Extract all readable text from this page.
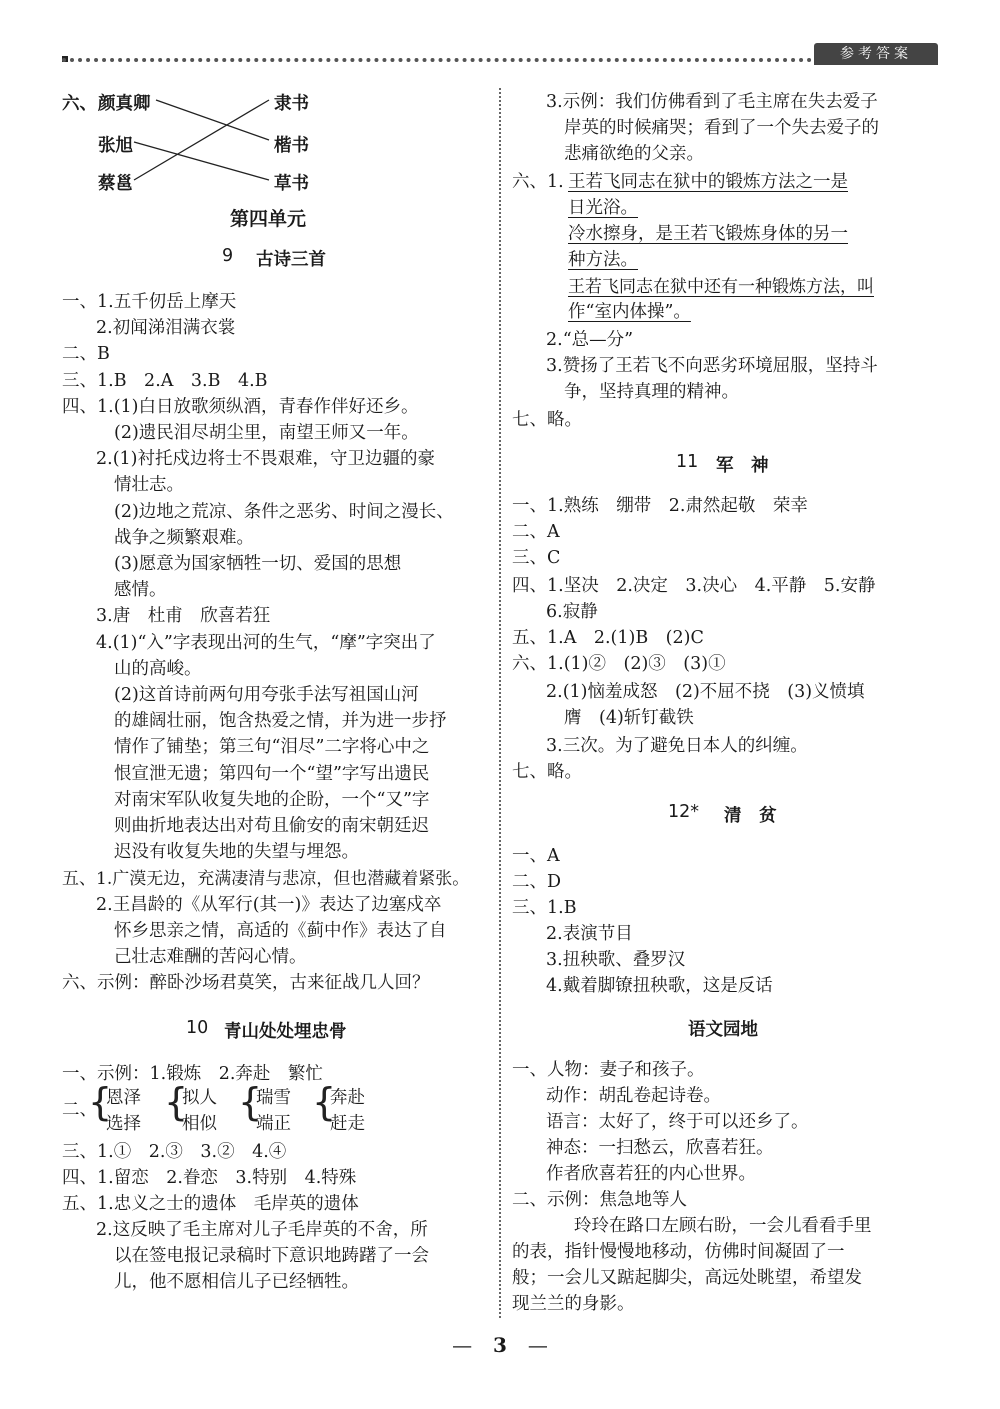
参考答案
六、 颜真卿
张旭
蔡邕
隶书
楷书
草书
第四单元
9 古诗三首
一、1.五千仞岳上摩天
2.初闻涕泪满衣裳
二、B
三、1.B　2.A　3.B　4.B
四、1.(1)白日放歌须纵酒，青春作伴好还乡。
(2)遗民泪尽胡尘里，南望王师又一年。
2.(1)衬托戍边将士不畏艰难，守卫边疆的豪
情壮志。
(2)边地之荒凉、条件之恶劣、时间之漫长、
战争之频繁艰难。
(3)愿意为国家牺牲一切、爱国的思想
感情。
3.唐　杜甫　欣喜若狂
4.(1)“入”字表现出河的生气，“摩”字突出了
山的高峻。
(2)这首诗前两句用夸张手法写祖国山河
的雄阔壮丽，饱含热爱之情，并为进一步抒
情作了铺垫；第三句“泪尽”二字将心中之
恨宣泄无遗；第四句一个“望”字写出遗民
对南宋军队收复失地的企盼，一个“又”字
则曲折地表达出对苟且偷安的南宋朝廷迟
迟没有收复失地的失望与埋怨。
五、1.广漠无边，充满凄清与悲凉，但也潜藏着紧张。
2.王昌龄的《从军行(其一)》表达了边塞戍卒
怀乡思亲之情，高适的《蓟中作》表达了自
己壮志难酬的苦闷心情。
六、示例：醉卧沙场君莫笑，古来征战几人回？
10 青山处处埋忠骨
一、示例：1.锻炼　2.奔赴　繁忙
二、
{
恩泽
选择 {
拟人
相似 {
瑞雪
端正 {
奔赴
赶走
三、1.①　2.③　3.②　4.④
四、1.留恋　2.眷恋　3.特别　4.特殊
五、1.忠义之士的遗体　毛岸英的遗体
2.这反映了毛主席对儿子毛岸英的不舍，所
以在签电报记录稿时下意识地踌躇了一会
儿，他不愿相信儿子已经牺牲。
3.示例：我们仿佛看到了毛主席在失去爱子
岸英的时候痛哭；看到了一个失去爱子的
悲痛欲绝的父亲。
六、1. 王若飞同志在狱中的锻炼方法之一是
日光浴。
冷水擦身，是王若飞锻炼身体的另一
种方法。
王若飞同志在狱中还有一种锻炼方法，叫
作“室内体操”。
2.“总—分”
3.赞扬了王若飞不向恶劣环境屈服，坚持斗
争，坚持真理的精神。
七、略。
11 军　神
一、1.熟练　绷带　2.肃然起敬　荣幸
二、A
三、C
四、1.坚决　2.决定　3.决心　4.平静　5.安静
6.寂静
五、1.A　2.(1)B　(2)C
六、1.(1)②　(2)③　(3)①
2.(1)恼羞成怒　(2)不屈不挠　(3)义愤填
膺　(4)斩钉截铁
3.三次。为了避免日本人的纠缠。
七、略。
12* 清　贫
一、A
二、D
三、1.B
2.表演节目
3.扭秧歌、叠罗汉
4.戴着脚镣扭秧歌，这是反话
语文园地
一、人物：妻子和孩子。
动作：胡乱卷起诗卷。
语言：太好了，终于可以还乡了。
神态：一扫愁云，欣喜若狂。
作者欣喜若狂的内心世界。
二、示例：焦急地等人
玲玲在路口左顾右盼，一会儿看看手里
的表，指针慢慢地移动，仿佛时间凝固了一
般；一会儿又踮起脚尖，高远处眺望，希望发
现兰兰的身影。
— 3 —
